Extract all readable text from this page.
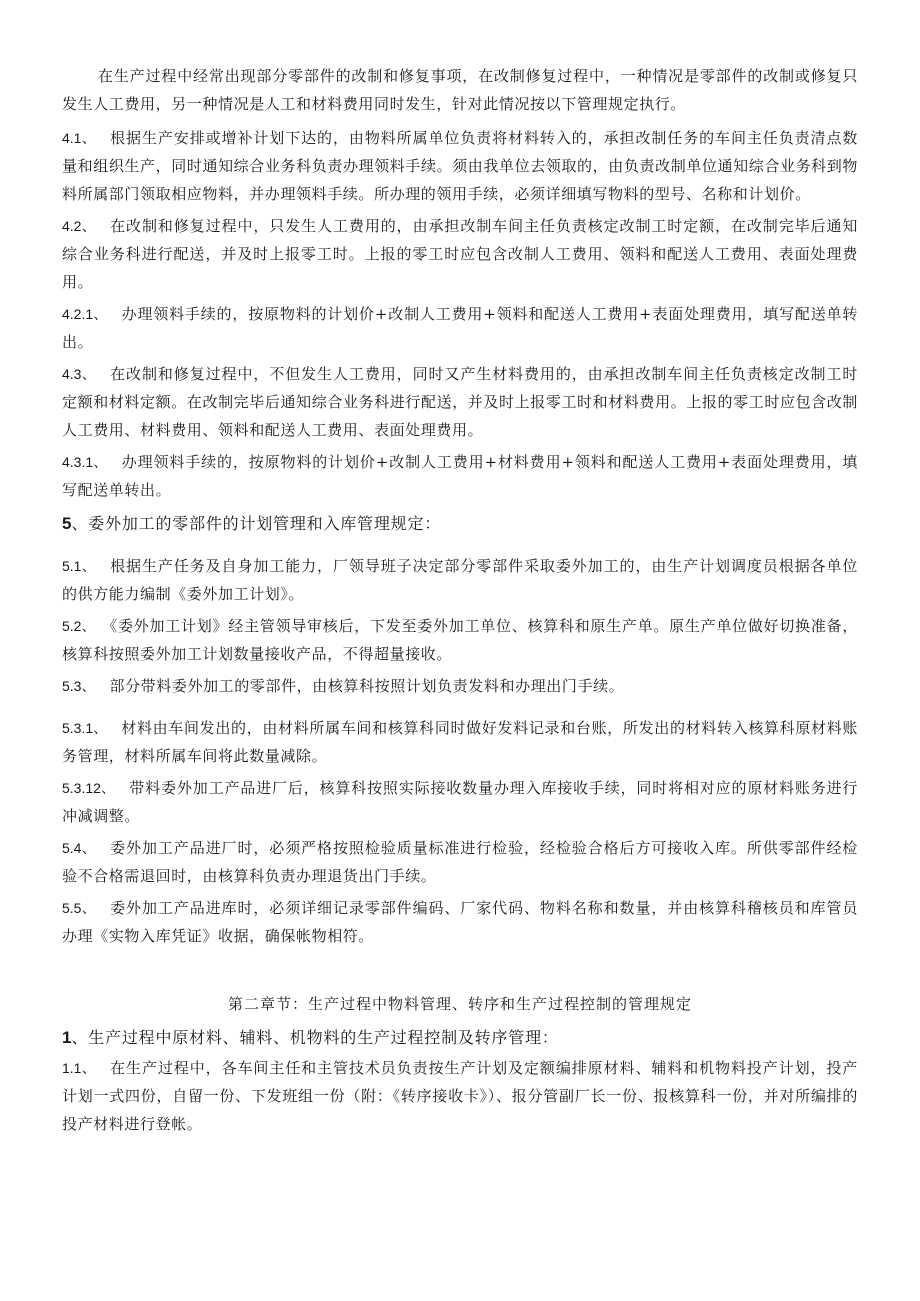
在生产过程中经常出现部分零部件的改制和修复事项，在改制修复过程中，一种情况是零部件的改制或修复只发生人工费用，另一种情况是人工和材料费用同时发生，针对此情况按以下管理规定执行。

4.1、 根据生产安排或增补计划下达的，由物料所属单位负责将材料转入的，承担改制任务的车间主任负责清点数量和组织生产，同时通知综合业务科负责办理领料手续。须由我单位去领取的，由负责改制单位通知综合业务科到物料所属部门领取相应物料，并办理领料手续。所办理的领用手续，必须详细填写物料的型号、名称和计划价。

4.2、 在改制和修复过程中，只发生人工费用的，由承担改制车间主任负责核定改制工时定额，在改制完毕后通知综合业务科进行配送，并及时上报零工时。上报的零工时应包含改制人工费用、领料和配送人工费用、表面处理费用。

4.2.1、 办理领料手续的，按原物料的计划价+改制人工费用+领料和配送人工费用+表面处理费用，填写配送单转出。

4.3、 在改制和修复过程中，不但发生人工费用，同时又产生材料费用的，由承担改制车间主任负责核定改制工时定额和材料定额。在改制完毕后通知综合业务科进行配送，并及时上报零工时和材料费用。上报的零工时应包含改制人工费用、材料费用、领料和配送人工费用、表面处理费用。

4.3.1、 办理领料手续的，按原物料的计划价+改制人工费用+材料费用+领料和配送人工费用+表面处理费用，填写配送单转出。

5、委外加工的零部件的计划管理和入库管理规定：

5.1、 根据生产任务及自身加工能力，厂领导班子决定部分零部件采取委外加工的，由生产计划调度员根据各单位的供方能力编制《委外加工计划》。

5.2、 《委外加工计划》经主管领导审核后，下发至委外加工单位、核算科和原生产单。原生产单位做好切换准备，核算科按照委外加工计划数量接收产品，不得超量接收。

5.3、 部分带料委外加工的零部件，由核算科按照计划负责发料和办理出门手续。

5.3.1、 材料由车间发出的，由材料所属车间和核算科同时做好发料记录和台账，所发出的材料转入核算科原材料账务管理，材料所属车间将此数量减除。

5.3.12、 带料委外加工产品进厂后，核算科按照实际接收数量办理入库接收手续，同时将相对应的原材料账务进行冲减调整。

5.4、 委外加工产品进厂时，必须严格按照检验质量标准进行检验，经检验合格后方可接收入库。所供零部件经检验不合格需退回时，由核算科负责办理退货出门手续。

5.5、 委外加工产品进库时，必须详细记录零部件编码、厂家代码、物料名称和数量，并由核算科稽核员和库管员办理《实物入库凭证》收据，确保帐物相符。

第二章节：生产过程中物料管理、转序和生产过程控制的管理规定

1、生产过程中原材料、辅料、机物料的生产过程控制及转序管理：

1.1、 在生产过程中，各车间主任和主管技术员负责按生产计划及定额编排原材料、辅料和机物料投产计划，投产计划一式四份，自留一份、下发班组一份（附：《转序接收卡》）、报分管副厂长一份、报核算科一份，并对所编排的投产材料进行登帐。
